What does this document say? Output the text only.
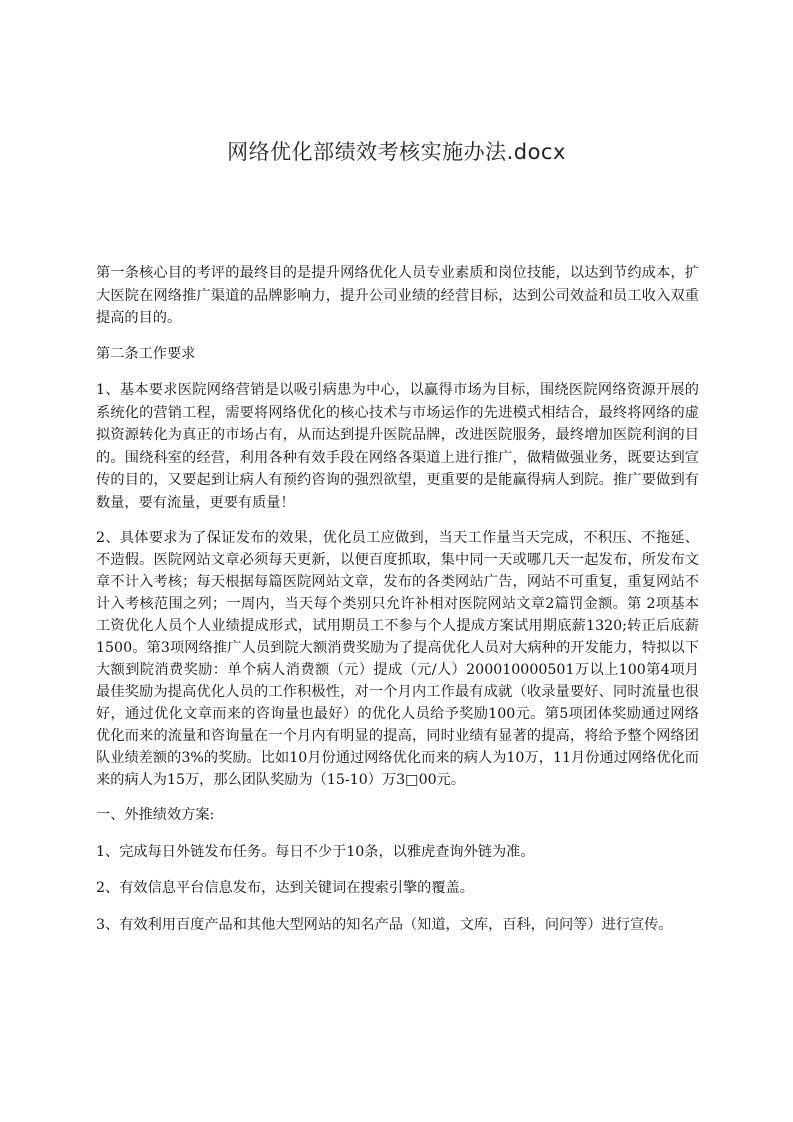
网络优化部绩效考核实施办法.docx

第一条核心目的考评的最终目的是提升网络优化人员专业素质和岗位技能，以达到节约成本，扩大医院在网络推广渠道的品牌影响力，提升公司业绩的经营目标，达到公司效益和员工收入双重提高的目的。

第二条工作要求

1、基本要求医院网络营销是以吸引病患为中心，以赢得市场为目标，围绕医院网络资源开展的系统化的营销工程，需要将网络优化的核心技术与市场运作的先进模式相结合，最终将网络的虚拟资源转化为真正的市场占有，从而达到提升医院品牌，改进医院服务，最终增加医院利润的目的。围绕科室的经营，利用各种有效手段在网络各渠道上进行推广，做精做强业务，既要达到宣传的目的，又要起到让病人有预约咨询的强烈欲望，更重要的是能赢得病人到院。推广要做到有数量，要有流量，更要有质量！

2、具体要求为了保证发布的效果，优化员工应做到，当天工作量当天完成，不积压、不拖延、不造假。医院网站文章必须每天更新，以便百度抓取，集中同一天或哪几天一起发布，所发布文章不计入考核；每天根据每篇医院网站文章，发布的各类网站广告，网站不可重复，重复网站不计入考核范围之列；一周内，当天每个类别只允许补相对医院网站文章2篇罚金额。第 2项基本工资优化人员个人业绩提成形式，试用期员工不参与个人提成方案试用期底薪1320;转正后底薪1500。第3项网络推广人员到院大额消费奖励为了提高优化人员对大病种的开发能力，特拟以下大额到院消费奖励：单个病人消费额（元）提成（元/人）200010000501万以上100第4项月最佳奖励为提高优化人员的工作积极性，对一个月内工作最有成就（收录量要好、同时流量也很好，通过优化文章而来的咨询量也最好）的优化人员给予奖励100元。第5项团体奖励通过网络优化而来的流量和咨询量在一个月内有明显的提高，同时业绩有显著的提高，将给予整个网络团队业绩差额的3%的奖励。比如10月份通过网络优化而来的病人为10万，11月份通过网络优化而来的病人为15万，那么团队奖励为（15-10）万3□00元。

一、外推绩效方案:

1、完成每日外链发布任务。每日不少于10条，以雅虎查询外链为准。

2、有效信息平台信息发布，达到关键词在搜索引擎的覆盖。

3、有效利用百度产品和其他大型网站的知名产品（知道，文库，百科，问问等）进行宣传。
